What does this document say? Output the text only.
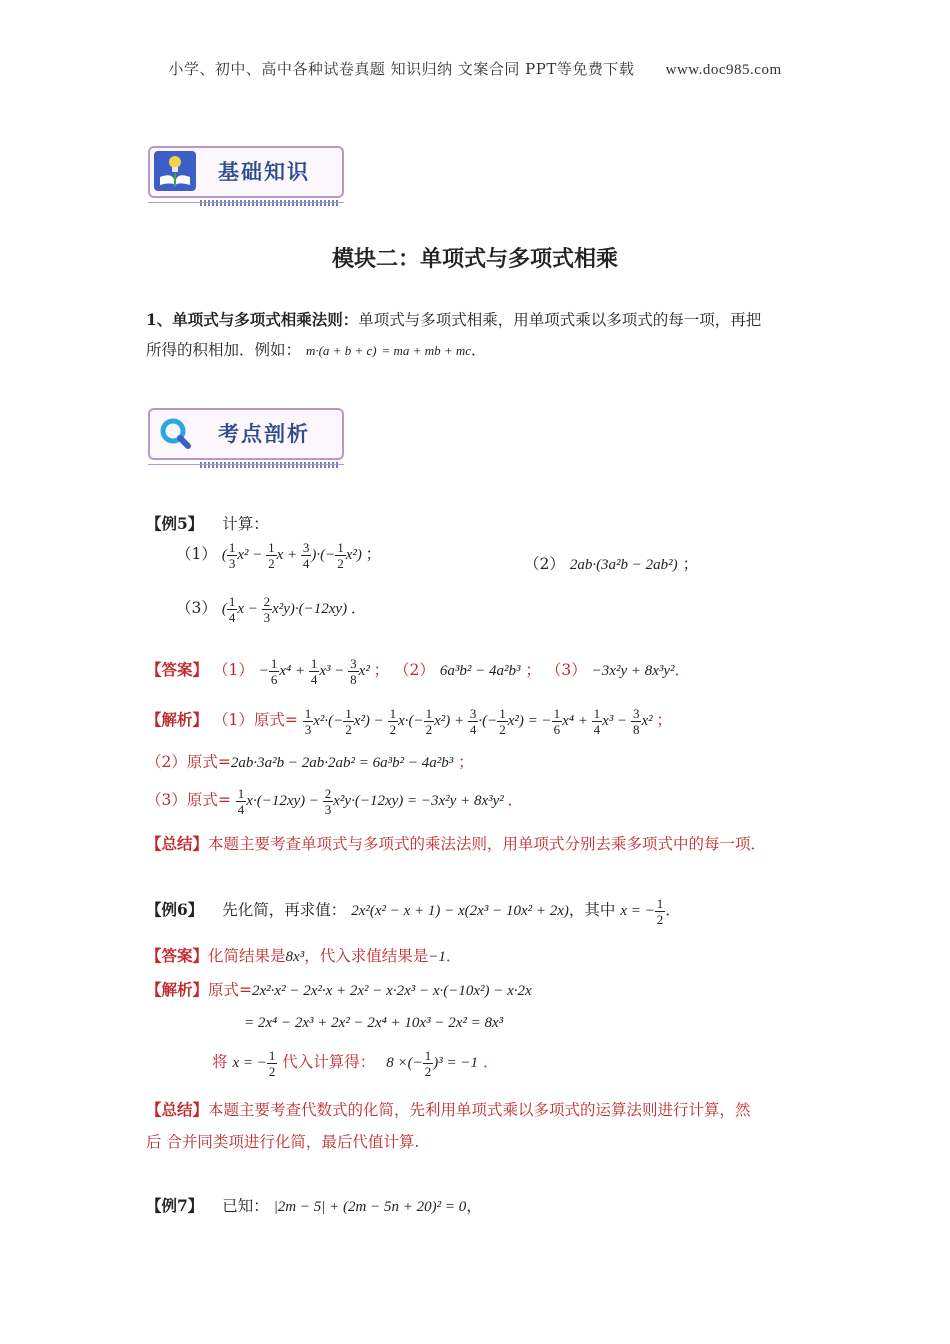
小学、初中、高中各种试卷真题 知识归纳 文案合同 PPT等免费下载 www.doc985.com
基础知识
模块二：单项式与多项式相乘
1、单项式与多项式相乘法则：单项式与多项式相乘，用单项式乘以多项式的每一项，再把
所得的积相加．例如： m·(a + b + c) = ma + mb + mc．
考点剖析
【例5】 计算：
（1） ( $\frac{1}{3} x^2 - \frac{1}{2}$ $x + \frac{3}{4}$ )·(− $\frac{1}{2} x^2$) ；
（2） 2ab·(3a²b − 2ab²) ；
（3） ( $\frac{1}{4}$ $x - \frac{2}{3} x^2y)\cdot(-12xy)$ ．
【答案】 $(1) - \frac{1}{6} x^4 + \frac{1}{4} x^3 - \frac{3}{8} x^2$ ； （2） 6a³b² − 4a²b³ ； （3） −3x²y + 8x³y²．
【解析】 （1）原式= $\frac{1}{3} x^2\cdot(- \frac{1}{2} x^2) - \frac{1}{2} x\cdot(- \frac{1}{2} x^2) + \frac{3}{4}$ ·(− $\frac{1}{2} x^2$) = − $\frac{1}{6} x^4 + \frac{1}{4} x^3 - \frac{3}{8} x^2$ ；
（2）原式=2ab·3a²b − 2ab·2ab² = 6a³b² − 4a²b³ ；
（3）原式= $\frac{1}{4} x\cdot(-12xy) - \frac{2}{3} x^2y\cdot(-12xy) = -3x^2y + 8x^3y^2$ ．
【总结】本题主要考查单项式与多项式的乘法法则，用单项式分别去乘多项式中的每一项．
【例6】 先化简，再求值： 2x²(x² − x + 1) − x(2x³ − 10x² + 2x)，其中 x = − $\frac{1}{2}$ ．
【答案】化简结果是8x³，代入求值结果是−1．
【解析】原式=2x²·x² − 2x²·x + 2x² − x·2x³ − x·(−10x²) − x·2x
= 2x⁴ − 2x³ + 2x² − 2x⁴ + 10x³ − 2x² = 8x³
将 x = − $\frac{1}{2}$ 代入计算得： 8 ×(− $\frac{1}{2} )^3 = -1$ ．
【总结】本题主要考查代数式的化简，先利用单项式乘以多项式的运算法则进行计算，然
后 合并同类项进行化简，最后代值计算.
【例7】 已知： |2m − 5| + (2m − 5n + 20)² = 0，
